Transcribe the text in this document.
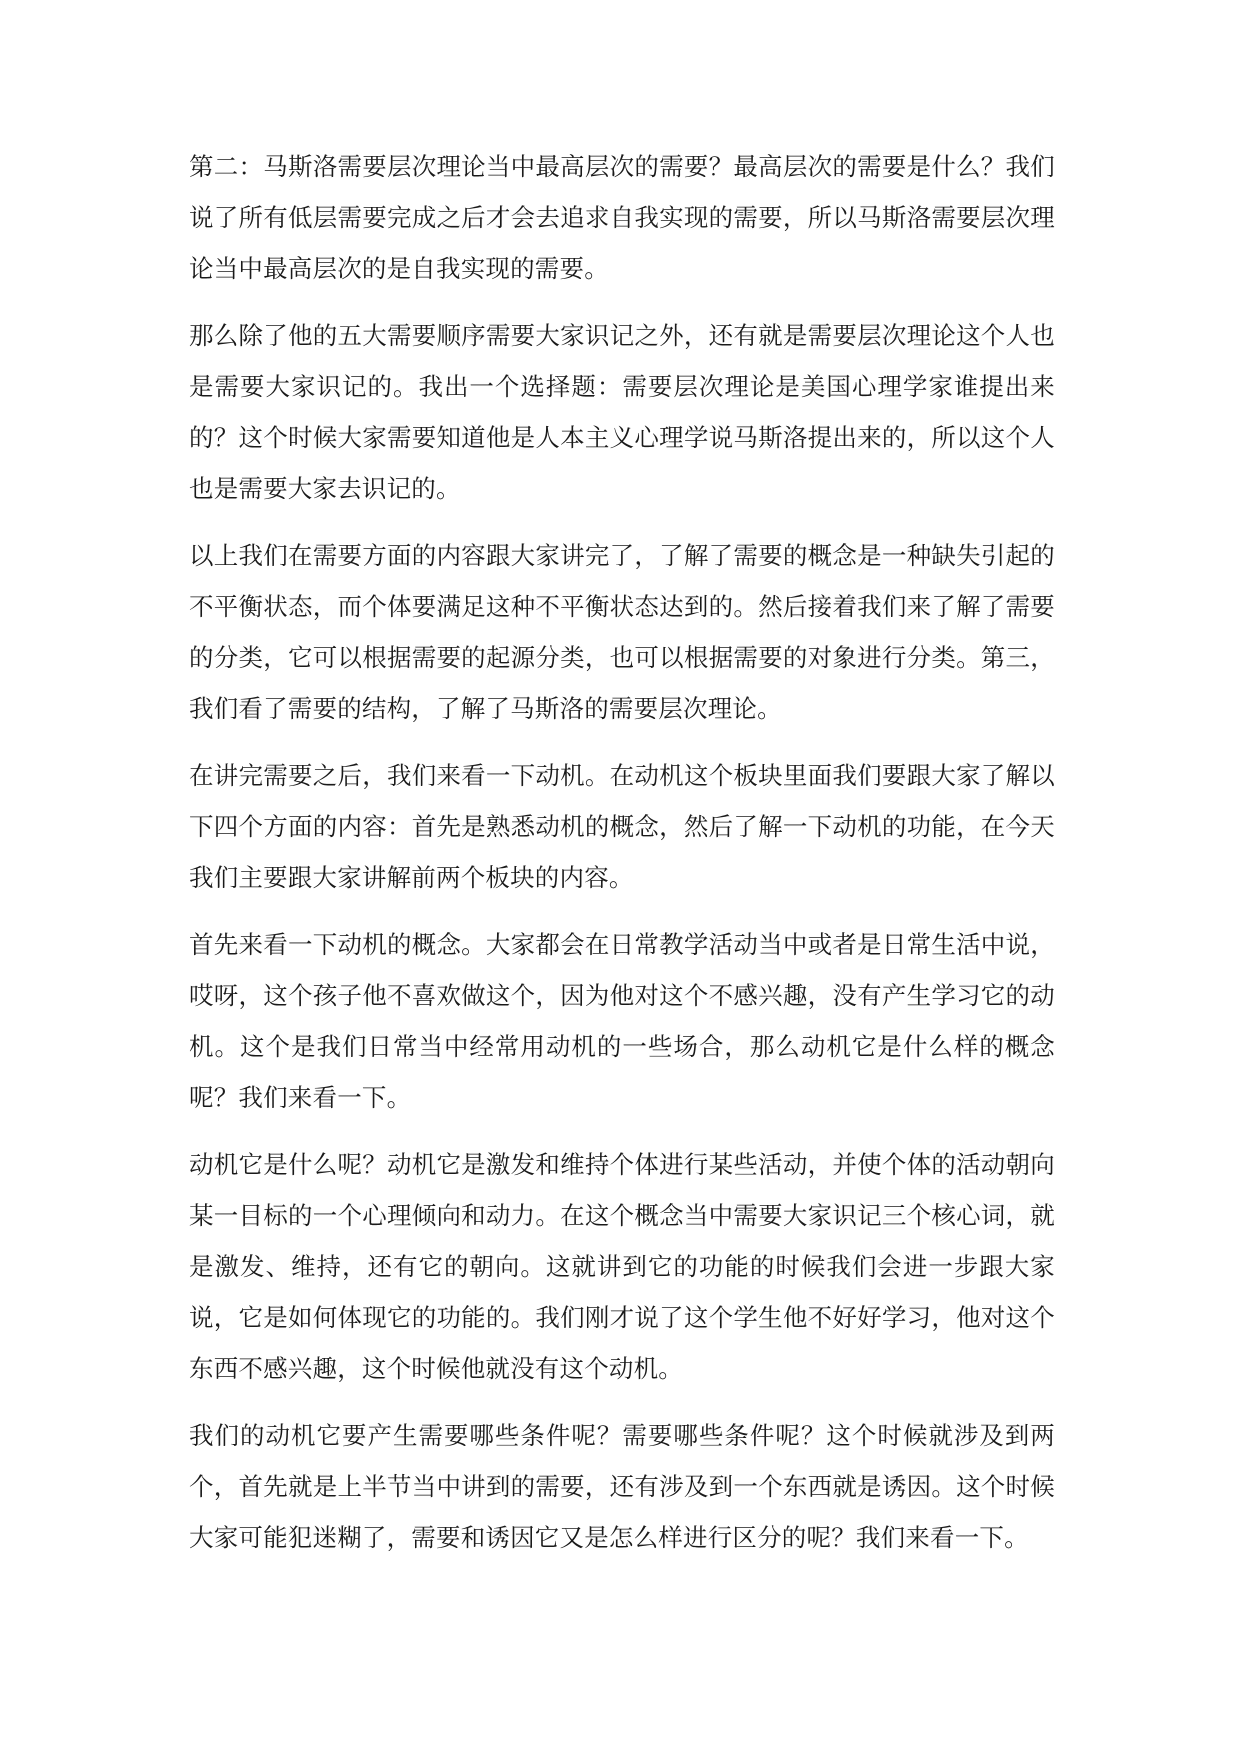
第二：马斯洛需要层次理论当中最高层次的需要？最高层次的需要是什么？我们说了所有低层需要完成之后才会去追求自我实现的需要，所以马斯洛需要层次理论当中最高层次的是自我实现的需要。

那么除了他的五大需要顺序需要大家识记之外，还有就是需要层次理论这个人也是需要大家识记的。我出一个选择题：需要层次理论是美国心理学家谁提出来的？这个时候大家需要知道他是人本主义心理学说马斯洛提出来的，所以这个人也是需要大家去识记的。

以上我们在需要方面的内容跟大家讲完了，了解了需要的概念是一种缺失引起的不平衡状态，而个体要满足这种不平衡状态达到的。然后接着我们来了解了需要的分类，它可以根据需要的起源分类，也可以根据需要的对象进行分类。第三，我们看了需要的结构，了解了马斯洛的需要层次理论。

在讲完需要之后，我们来看一下动机。在动机这个板块里面我们要跟大家了解以下四个方面的内容：首先是熟悉动机的概念，然后了解一下动机的功能，在今天我们主要跟大家讲解前两个板块的内容。

首先来看一下动机的概念。大家都会在日常教学活动当中或者是日常生活中说，哎呀，这个孩子他不喜欢做这个，因为他对这个不感兴趣，没有产生学习它的动机。这个是我们日常当中经常用动机的一些场合，那么动机它是什么样的概念呢？我们来看一下。

动机它是什么呢？动机它是激发和维持个体进行某些活动，并使个体的活动朝向某一目标的一个心理倾向和动力。在这个概念当中需要大家识记三个核心词，就是激发、维持，还有它的朝向。这就讲到它的功能的时候我们会进一步跟大家说，它是如何体现它的功能的。我们刚才说了这个学生他不好好学习，他对这个东西不感兴趣，这个时候他就没有这个动机。

我们的动机它要产生需要哪些条件呢？需要哪些条件呢？这个时候就涉及到两个，首先就是上半节当中讲到的需要，还有涉及到一个东西就是诱因。这个时候大家可能犯迷糊了，需要和诱因它又是怎么样进行区分的呢？我们来看一下。
